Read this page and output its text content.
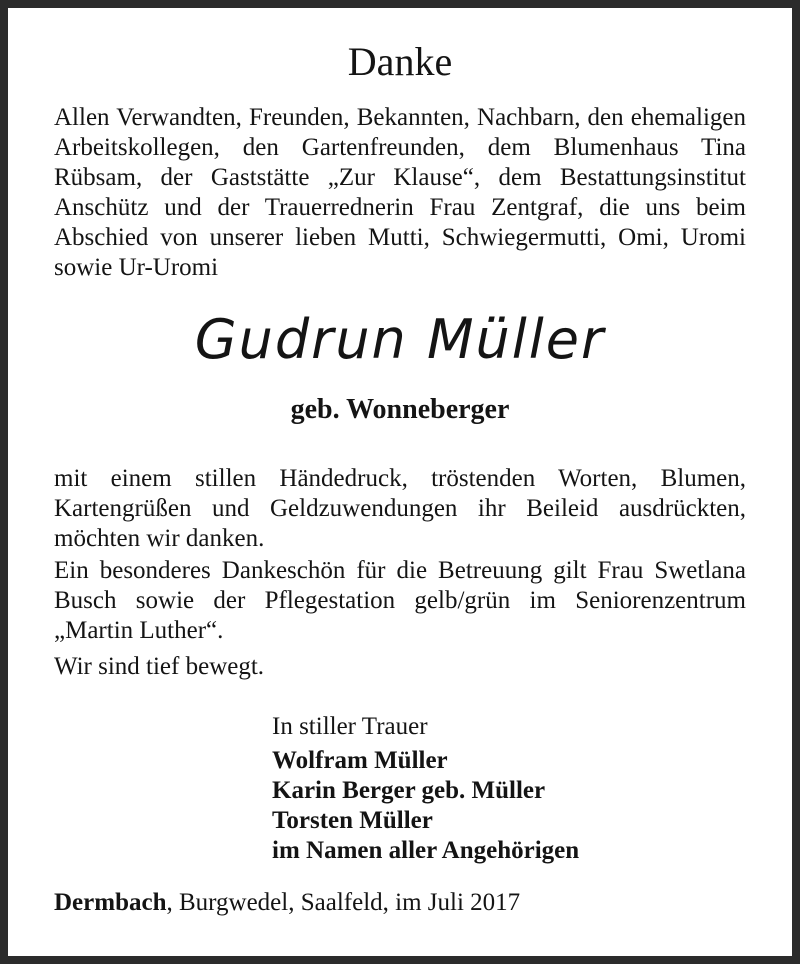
Danke
Allen Verwandten, Freunden, Bekannten, Nachbarn, den ehemaligen Arbeitskollegen, den Gartenfreunden, dem Blumenhaus Tina Rübsam, der Gaststätte „Zur Klause“, dem Bestattungsinstitut Anschütz und der Trauerrednerin Frau Zentgraf, die uns beim Abschied von unserer lieben Mutti, Schwiegermutti, Omi, Uromi sowie Ur-Uromi
Gudrun Müller
geb. Wonneberger
mit einem stillen Händedruck, tröstenden Worten, Blumen, Kartengrüßen und Geldzuwendungen ihr Beileid ausdrückten, möchten wir danken.
Ein besonderes Dankeschön für die Betreuung gilt Frau Swetlana Busch sowie der Pflegestation gelb/grün im Seniorenzentrum „Martin Luther“.
Wir sind tief bewegt.
In stiller Trauer
Wolfram Müller
Karin Berger geb. Müller
Torsten Müller
im Namen aller Angehörigen
Dermbach, Burgwedel, Saalfeld, im Juli 2017
